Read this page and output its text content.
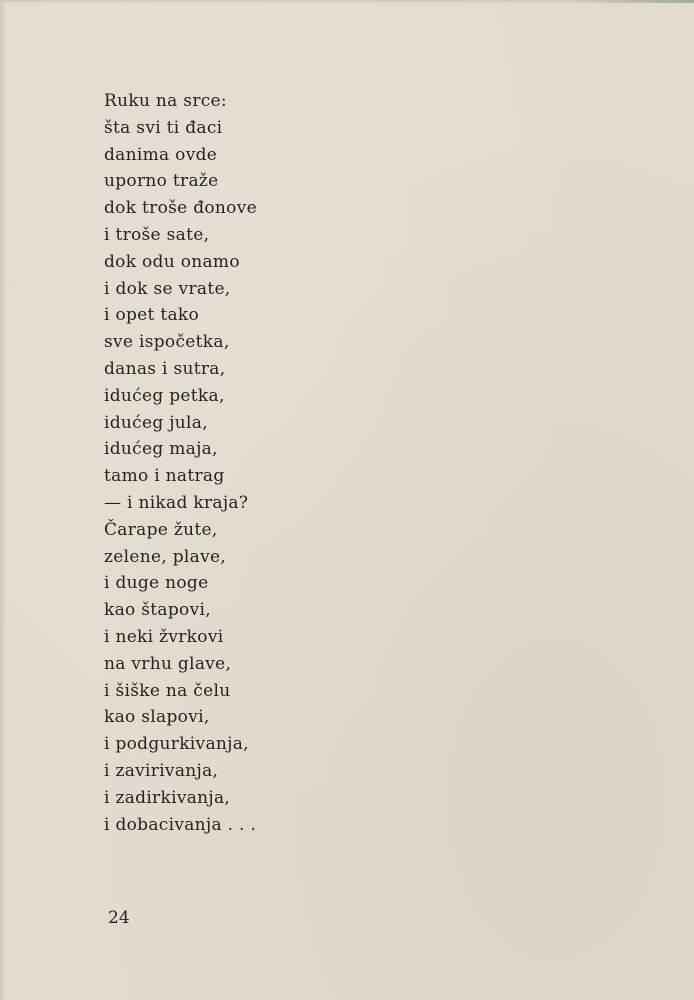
Ruku na srce:
šta svi ti đaci
danima ovde
uporno traže
dok troše đonove
i troše sate,
dok odu onamo
i dok se vrate,
i opet tako
sve ispočetka,
danas i sutra,
idućeg petka,
idućeg jula,
idućeg maja,
tamo i natrag
— i nikad kraja?
Čarape žute,
zelene, plave,
i duge noge
kao štapovi,
i neki žvrkovi
na vrhu glave,
i šiške na čelu
kao slapovi,
i podgurkivanja,
i zavirivanja,
i zadirkivanja,
i dobacivanja . . .
24
